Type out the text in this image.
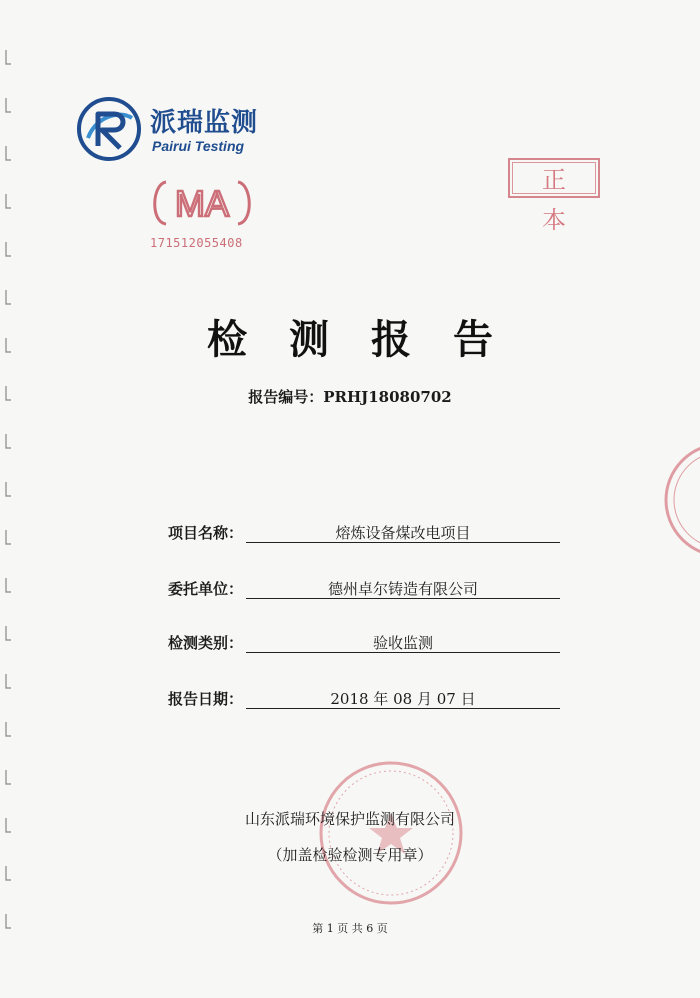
派瑞监测
Pairui Testing
MA
171512055408
正本
检测报告
报告编号：PRHJ18080702
项目名称：	熔炼设备煤改电项目
委托单位：	德州卓尔铸造有限公司
检测类别：	验收监测
报告日期：	2018 年 08 月 07 日
山东派瑞环境保护监测有限公司
（加盖检验检测专用章）
第 1 页 共 6 页
